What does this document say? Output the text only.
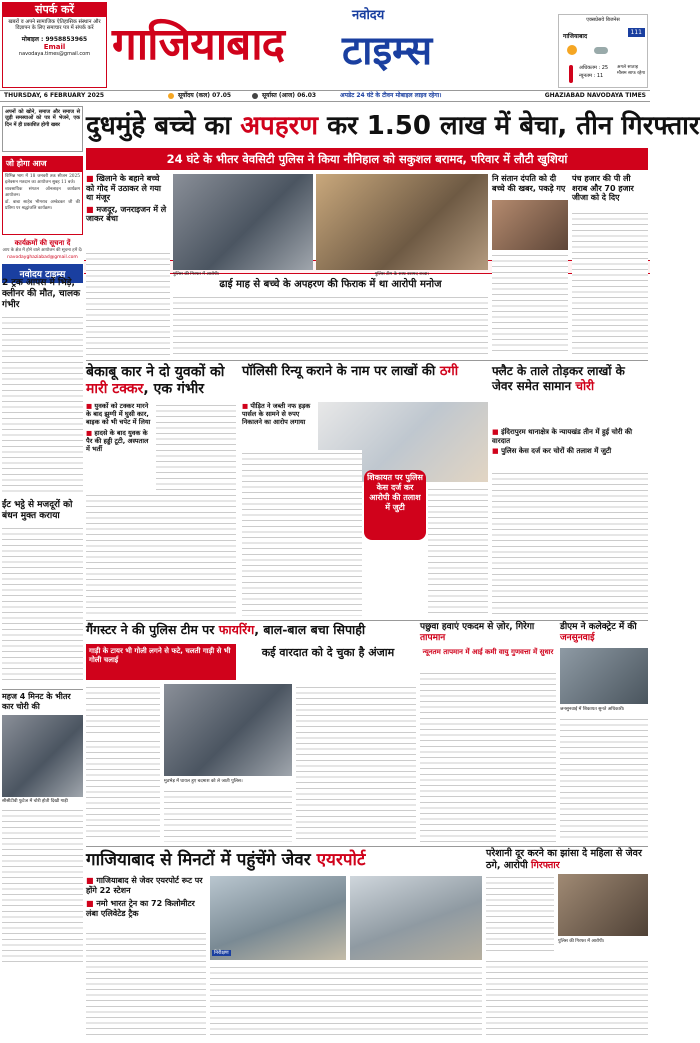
संपर्क करें
खबरों व अपने सामाजिक ऐतिहासिक संस्थान और विज्ञापन के लिए समाचार पत्र में संपर्क करें
मोबाइल : 9958853965
Email
navodaya.times@gmail.com
नवोदय
गाजियाबाद	टाइम्स
एक्सप्रेसवे बिजनेस
गाजियाबाद
111
अधिकतम : 25
न्यूनतम : 11
अगले सप्ताह मौसम साफ रहेगा
THURSDAY, 6 FEBRUARY 2025	सूर्योदय (कल) 07.05	सूर्यास्त (आज) 06.03	अपडेट 24 घंटे के टीवन मोबाइल लाइव रहेगा।	GHAZIABAD NAVODAYA TIMES
अपनों को खोने, समाज और समाज से जुड़ी समस्याओं को पत्र में भेजने, एक दिन में ही प्रकाशित होगी खबर
जो होगा आज
विभिन्न भाग में 18 जनवरी तक सीजन 2025 इलेक्शन मतदान का आयोजन सुबह 11 बजे।
व्यवसायिक संगठन ऑनलाइन कार्यक्रम आयोजन।
डॉ. बाबा साहेब भीमराव अम्बेडकर जी की प्रतिमा पर श्रद्धांजलि कार्यक्रम।
कार्यक्रमों की सूचना दें
आप के क्षेत्र में होने वाले आयोजन की सूचना हमें दें।
navodayghaziabad@gmail.com
नवोदय टाइम्स
2 ट्रक आपस में भिड़े, क्लीनर की मौत, चालक गंभीर
ईंट भट्ठे से मजदूरों को बंधन मुक्त कराया
महज 4 मिनट के भीतर कार चोरी की
सीसीटीवी फुटेज में चोरी होती दिखी गाड़ी
दुधमुंहे बच्चे का अपहरण कर 1.50 लाख में बेचा, तीन गिरफ्तार
24 घंटे के भीतर वेवसिटी पुलिस ने किया नौनिहाल को सकुशल बरामद, परिवार में लौटी खुशियां
■ खिलाने के बहाने बच्चे को गोद में उठाकर ले गया था मंजूर
■ मजदूर, जनराइजन में ले जाकर बेचा
पुलिस की गिरफ्त में आरोपी।	पुलिस टीम के साथ बरामद बच्चा।
ढाई माह से बच्चे के अपहरण की फिराक में था आरोपी मनोज
नि संतान दंपति को दी बच्चे की खबर, पकड़े गए
पंच हजार की पी ली शराब और 70 हजार जीजा को दे दिए
बेकाबू कार ने दो युवकों को मारी टक्कर, एक गंभीर
■ युवकों को टक्कर मारने के बाद झुग्गी में घुसी कार, बाइक को भी चपेट में लिया
■ हादसे के बाद युवक के पैर की हड्डी टूटी, अस्पताल में भर्ती
पॉलिसी रिन्यू कराने के नाम पर लाखों की ठगी
■ पीड़ित ने जब्ती नफ हड़क पार्सल के सामने से रुपए निकालने का आरोप लगाया
शिकायत पर पुलिस केस दर्ज कर आरोपी की तलाश में जुटी
फ्लैट के ताले तोड़कर लाखों के जेवर समेत सामान चोरी
■ इंदिरापुरम थानाक्षेत्र के न्यायखंड तीन में हुई चोरी की वारदात
■ पुलिस केस दर्ज कर चोरों की तलाश में जुटी
गैंगस्टर ने की पुलिस टीम पर फायरिंग, बाल-बाल बचा सिपाही
गाड़ी के टायर भी गोली लगने से फटे, चलती गाड़ी से भी गोली चलाई
कई वारदात को दे चुका है अंजाम
मुठभेड़ में घायल हुए बदमाश को ले जाती पुलिस।
पछुवा हवाएं एकदम से ज़ोर, गिरेगा तापमान
न्यूनतम तापमान में आई कमी वायु गुणवत्ता में सुधार
डीएम ने कलेक्ट्रेट में की जनसुनवाई
जनसुनवाई में शिकायत सुनते अधिकारी।
गाजियाबाद से मिनटों में पहुंचेंगे जेवर एयरपोर्ट
■ गाजियाबाद से जेवर एयरपोर्ट रूट पर होंगे 22 स्टेशन
■ नमो भारत ट्रेन का 72 किलोमीटर लंबा एलिवेटेड ट्रैक
निरीक्षण
परेशानी दूर करने का झांसा दे महिला से जेवर ठगे, आरोपी गिरफ्तार
पुलिस की गिरफ्त में आरोपी।
